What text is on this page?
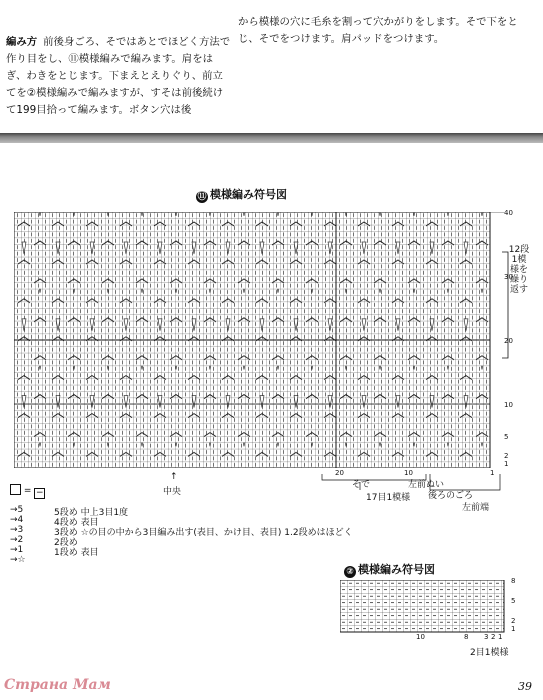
編み方 前後身ごろ、そではあとでほどく方法で作り目をし、⑪模様編みで編みます。肩をはぎ、わきをとじます。下まえとえりぐり、前立てを②模様編みで編みますが、すそは前後続けて199目拾って編みます。ボタン穴は後
から模様の穴に毛糸を割って穴かがりをします。そで下をとじ、そでをつけます。肩パッドをつけます。
⑪ 模様編み符号図
40
30
20
10
5
2
1
12段1模様を繰り返す
20	10	1
↑
中央
そで	左前ぬい
17目1模様 後ろのごろ
左前端
= −
→5	5段め 中上3目1度
→4	4段め 表目
→3	3段め ☆の目の中から3目編み出す(表目、かけ目、表目) 1.2段めはほどく
→2	2段め
→1	1段め 表目
→☆
② 模様編み符号図
8
5
2
1
10	8 3 2 1
2目1模様
Страна Мам	39
